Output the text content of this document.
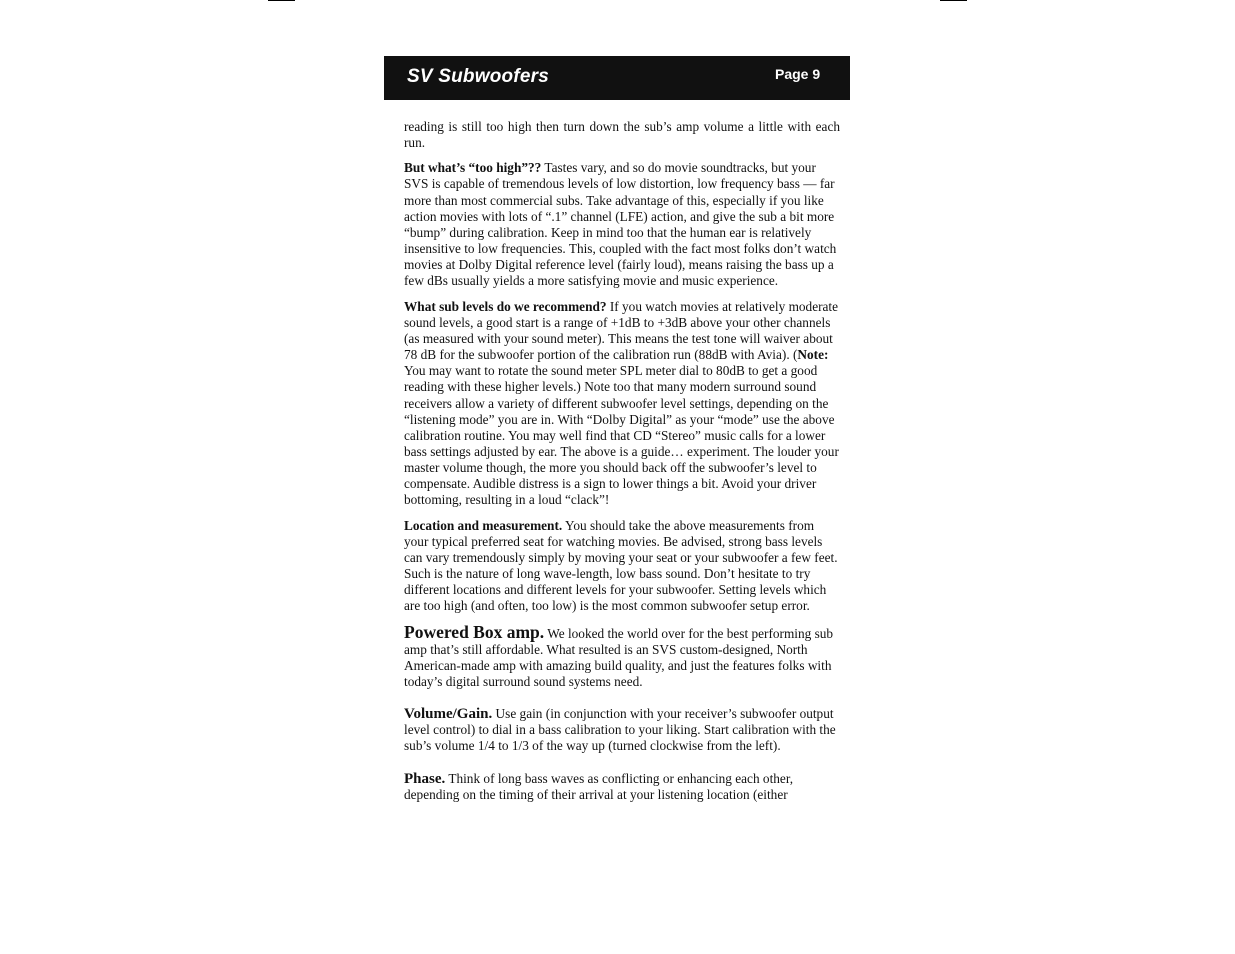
SV Subwoofers	Page 9

reading is still too high then turn down the sub’s amp volume a little with each run.

But what’s “too high”?? Tastes vary, and so do movie soundtracks, but your SVS is capable of tremendous levels of low distortion, low frequency bass — far more than most commercial subs. Take advantage of this, especially if you like action movies with lots of “.1” channel (LFE) action, and give the sub a bit more “bump” during calibration. Keep in mind too that the human ear is relatively insensitive to low frequencies. This, coupled with the fact most folks don’t watch movies at Dolby Digital reference level (fairly loud), means raising the bass up a few dBs usually yields a more satisfying movie and music experience.

What sub levels do we recommend? If you watch movies at relatively moderate sound levels, a good start is a range of +1dB to +3dB above your other channels (as measured with your sound meter). This means the test tone will waiver about 78 dB for the subwoofer portion of the calibration run (88dB with Avia). (Note: You may want to rotate the sound meter SPL meter dial to 80dB to get a good reading with these higher levels.) Note too that many modern surround sound receivers allow a variety of different subwoofer level settings, depending on the “listening mode” you are in. With “Dolby Digital” as your “mode” use the above calibration routine. You may well find that CD “Stereo” music calls for a lower bass settings adjusted by ear. The above is a guide… experiment. The louder your master volume though, the more you should back off the subwoofer’s level to compensate. Audible distress is a sign to lower things a bit. Avoid your driver bottoming, resulting in a loud “clack”!

Location and measurement. You should take the above measurements from your typical preferred seat for watching movies. Be advised, strong bass levels can vary tremendously simply by moving your seat or your subwoofer a few feet. Such is the nature of long wave-length, low bass sound. Don’t hesitate to try different locations and different levels for your subwoofer. Setting levels which are too high (and often, too low) is the most common subwoofer setup error.

Powered Box amp. We looked the world over for the best performing sub amp that’s still affordable. What resulted is an SVS custom-designed, North American-made amp with amazing build quality, and just the features folks with today’s digital surround sound systems need.

Volume/Gain. Use gain (in conjunction with your receiver’s subwoofer output level control) to dial in a bass calibration to your liking. Start calibration with the sub’s volume 1/4 to 1/3 of the way up (turned clockwise from the left).

Phase. Think of long bass waves as conflicting or enhancing each other, depending on the timing of their arrival at your listening location (either
